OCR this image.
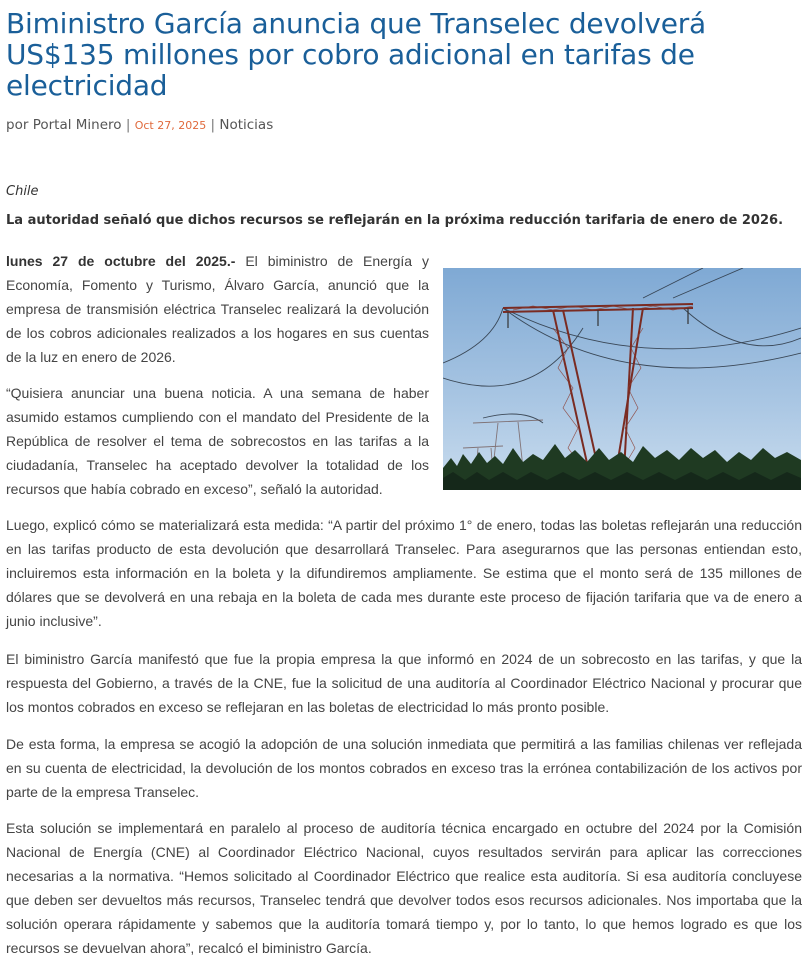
Biministro García anuncia que Transelec devolverá US$135 millones por cobro adicional en tarifas de electricidad
por Portal Minero | Oct 27, 2025 | Noticias
Chile
La autoridad señaló que dichos recursos se reflejarán en la próxima reducción tarifaria de enero de 2026.

lunes 27 de octubre del 2025.- El biministro de Energía y Economía, Fomento y Turismo, Álvaro García, anunció que la empresa de transmisión eléctrica Transelec realizará la devolución de los cobros adicionales realizados a los hogares en sus cuentas de la luz en enero de 2026.

“Quisiera anunciar una buena noticia. A una semana de haber asumido estamos cumpliendo con el mandato del Presidente de la República de resolver el tema de sobrecostos en las tarifas a la ciudadanía, Transelec ha aceptado devolver la totalidad de los recursos que había cobrado en exceso”, señaló la autoridad.

Luego, explicó cómo se materializará esta medida: “A partir del próximo 1° de enero, todas las boletas reflejarán una reducción en las tarifas producto de esta devolución que desarrollará Transelec. Para asegurarnos que las personas entiendan esto, incluiremos esta información en la boleta y la difundiremos ampliamente. Se estima que el monto será de 135 millones de dólares que se devolverá en una rebaja en la boleta de cada mes durante este proceso de fijación tarifaria que va de enero a junio inclusive”.

El biministro García manifestó que fue la propia empresa la que informó en 2024 de un sobrecosto en las tarifas, y que la respuesta del Gobierno, a través de la CNE, fue la solicitud de una auditoría al Coordinador Eléctrico Nacional y procurar que los montos cobrados en exceso se reflejaran en las boletas de electricidad lo más pronto posible.

De esta forma, la empresa se acogió la adopción de una solución inmediata que permitirá a las familias chilenas ver reflejada en su cuenta de electricidad, la devolución de los montos cobrados en exceso tras la errónea contabilización de los activos por parte de la empresa Transelec.

Esta solución se implementará en paralelo al proceso de auditoría técnica encargado en octubre del 2024 por la Comisión Nacional de Energía (CNE) al Coordinador Eléctrico Nacional, cuyos resultados servirán para aplicar las correcciones necesarias a la normativa. “Hemos solicitado al Coordinador Eléctrico que realice esta auditoría. Si esa auditoría concluyese que deben ser devueltos más recursos, Transelec tendrá que devolver todos esos recursos adicionales. Nos importaba que la solución operara rápidamente y sabemos que la auditoría tomará tiempo y, por lo tanto, lo que hemos logrado es que los recursos se devuelvan ahora”, recalcó el biministro García.
